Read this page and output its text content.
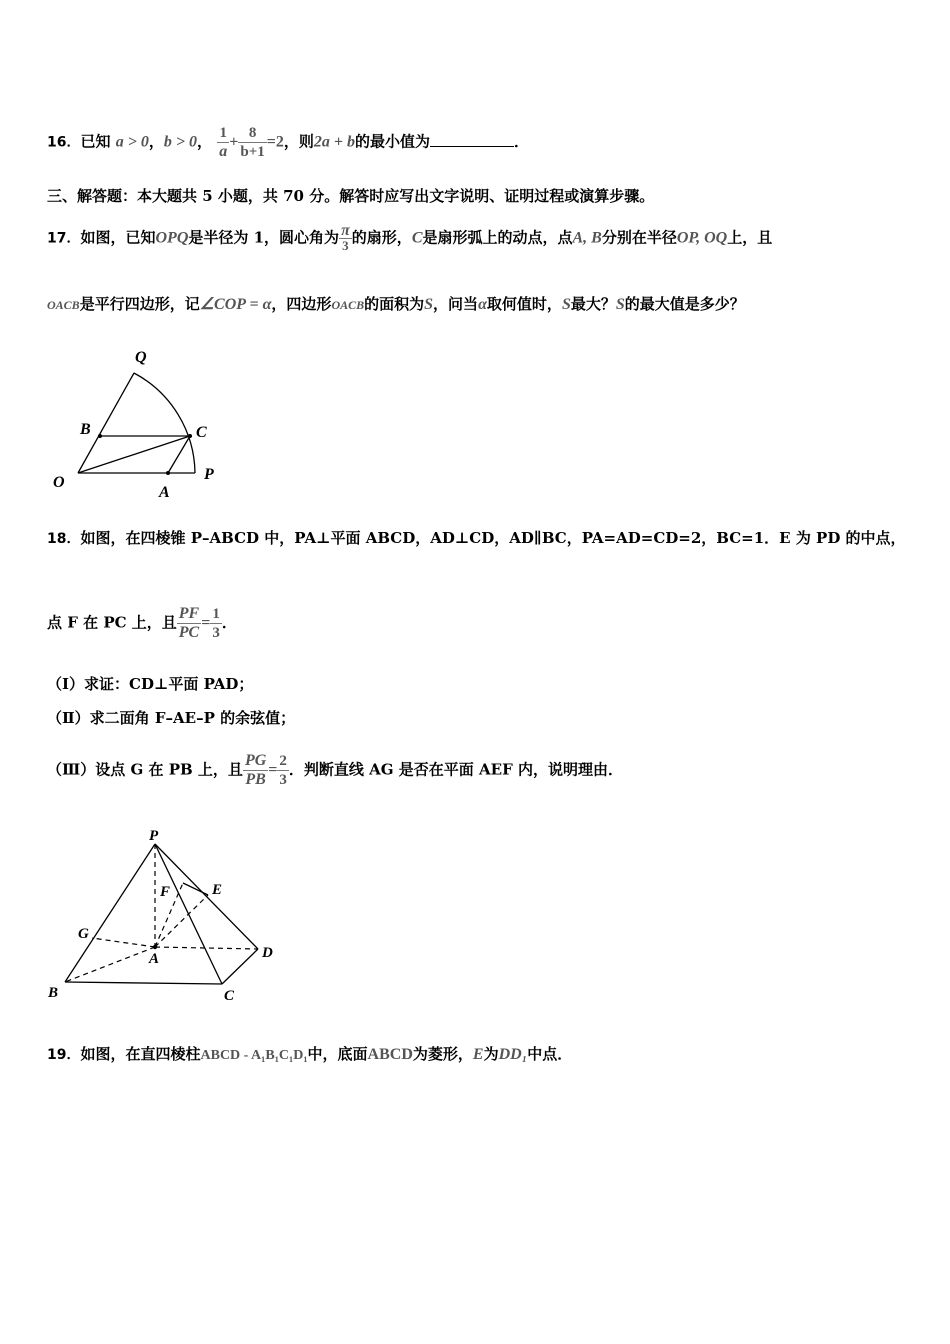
16．已知 a > 0，b > 0， $\frac{1}{a} + \frac{8}{b+1} =2$，则2a + b的最小值为	．
三、解答题：本大题共 5 小题，共 70 分。解答时应写出文字说明、证明过程或演算步骤。
17．如图，已知OPQ是半径为 1，圆心角为 $\frac{\pi}{3}$ 的扇形，C是扇形弧上的动点，点A, B分别在半径OP, OQ上，且
OACB是平行四边形，记∠COP = α，四边形OACB的面积为S，问当α取何值时，S最大？S的最大值是多少？
Q
B	C
O
A
P
18．如图，在四棱锥 P–ABCD 中，PA⊥平面 ABCD，AD⊥CD，AD∥BC，PA=AD=CD=2，BC=1．E 为 PD 的中点，
点 F 在 PC 上，且 $\frac{PF}{PC} = \frac{1}{3}$ ．
（Ⅰ）求证：CD⊥平面 PAD；
（Ⅱ）求二面角 F–AE–P 的余弦值；
（Ⅲ）设点 G 在 PB 上，且 $\frac{PG}{PB} = \frac{2}{3}$ ．判断直线 AG 是否在平面 AEF 内，说明理由．
P
F	E
G
A	D
B	C
19．如图，在直四棱柱ABCD - A₁B₁C₁D₁中，底面ABCD为菱形，E为DD₁中点．
